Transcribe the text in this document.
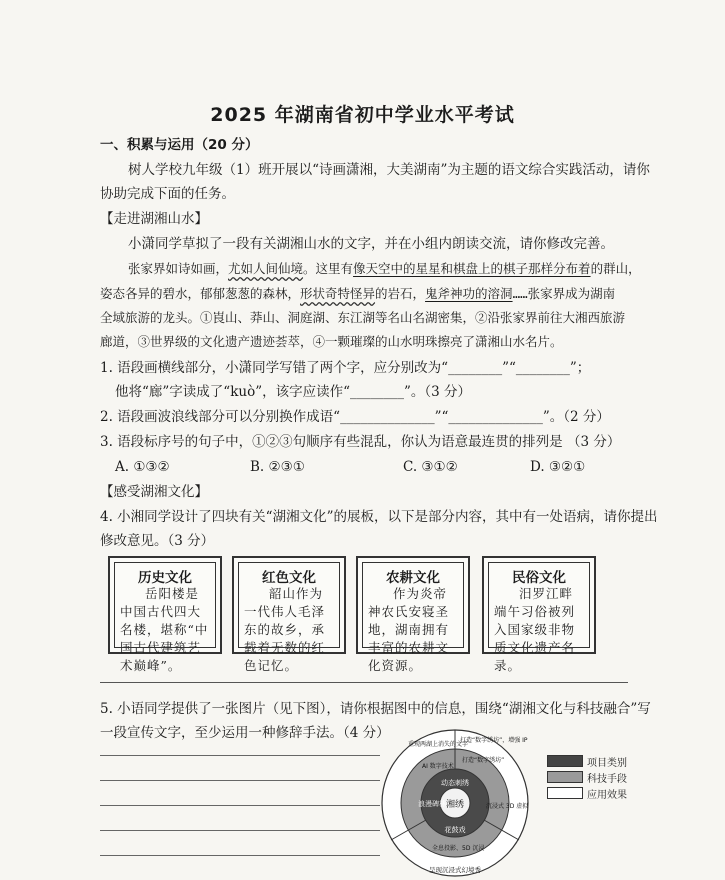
2025 年湖南省初中学业水平考试
一、积累与运用（20 分）
树人学校九年级（1）班开展以“诗画潇湘，大美湖南”为主题的语文综合实践活动，请你
协助完成下面的任务。
【走进湖湘山水】
小潇同学草拟了一段有关湖湘山水的文字，并在小组内朗读交流，请你修改完善。
张家界如诗如画，尤如人间仙境。这里有像天空中的星星和棋盘上的棋子那样分布着的群山，
姿态各异的碧水，郁郁葱葱的森林，形状奇特怪异的岩石，鬼斧神功的溶洞……张家界成为湖南
全域旅游的龙头。①崀山、莽山、洞庭湖、东江湖等名山名湖密集，②沿张家界前往大湘西旅游
廊道，③世界级的文化遗产遗迹荟萃，④一颗璀璨的山水明珠擦亮了潇湘山水名片。
1. 语段画横线部分，小潇同学写错了两个字，应分别改为“________”“________”；
他将“廊”字读成了“kuò”，该字应读作“________”。（3 分）
2. 语段画波浪线部分可以分别换作成语“______________”“______________”。（2 分）
3. 语段标序号的句子中，①②③句顺序有些混乱，你认为语意最连贯的排列是 （3 分）
A. ①③②	B. ②③①	C. ③①②	D. ③②①
【感受湖湘文化】
4. 小湘同学设计了四块有关“湖湘文化”的展板，以下是部分内容，其中有一处语病，请你提出
修改意见。（3 分）
历史文化
岳阳楼是中国古代四大名楼，堪称“中国古代建筑艺术巅峰”。
红色文化
韶山作为一代伟人毛泽东的故乡，承载着无数的红色记忆。
农耕文化
作为炎帝神农氏安寝圣地，湖南拥有丰富的农耕文化资源。
民俗文化
汨罗江畔端午习俗被列入国家级非物质文化遗产名录。
5. 小语同学提供了一张图片（见下图），请你根据图中的信息，围绕“湖湘文化与科技融合”写
一段宣传文字，至少运用一种修辞手法。（4 分）
湘绣
动态刺绣
花鼓戏
浪漫碑林
AI 数字技术
打造“数字绣坊”
全息投影、5D 沉浸
沉浸式 3D 虚拟
重现两湖上消失的文字
打造“数字绣坊”，增强 IP
呈现沉浸式幻境秀
项目类别
科技手段
应用效果
